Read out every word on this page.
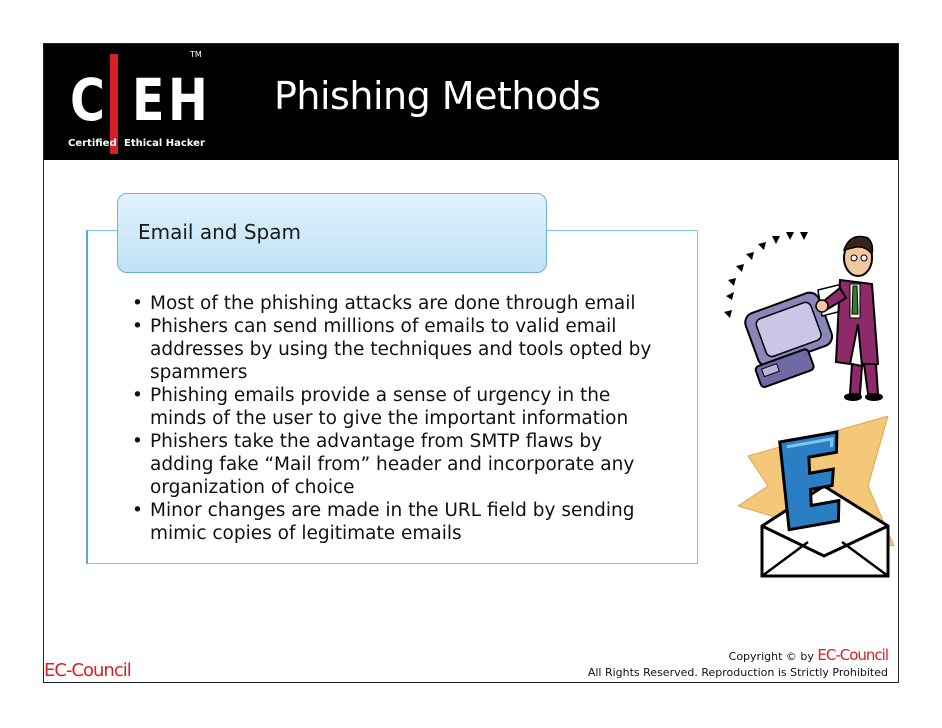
TM
C E H
Certified Ethical Hacker
Phishing Methods
Email and Spam
• Most of the phishing attacks are done through email
• Phishers can send millions of emails to valid email
addresses by using the techniques and tools opted by
spammers
• Phishing emails provide a sense of urgency in the
minds of the user to give the important information
• Phishers take the advantage from SMTP flaws by
adding fake “Mail from” header and incorporate any
organization of choice
• Minor changes are made in the URL field by sending
mimic copies of legitimate emails
EC-Council
Copyright © by EC-Council
All Rights Reserved. Reproduction is Strictly Prohibited
